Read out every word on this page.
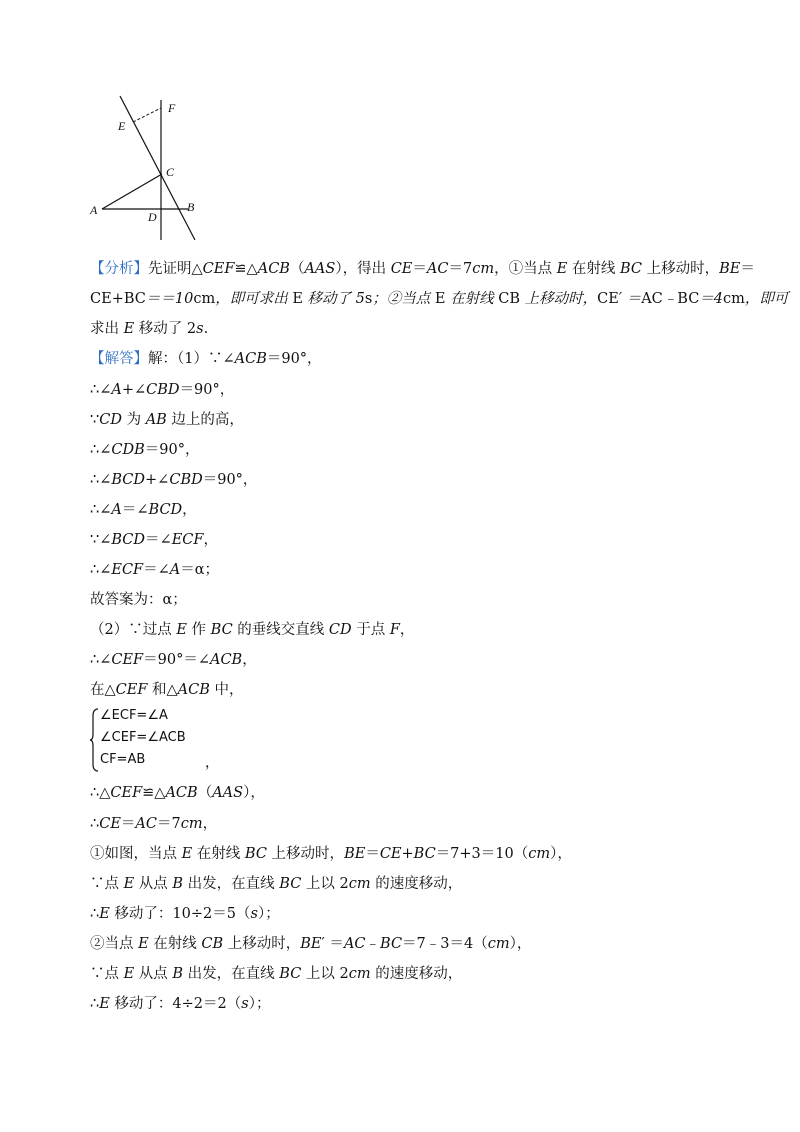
E
F
C
A	D
B
【分析】先证明△CEF≌△ACB（AAS），得出 CE＝AC＝7cm，①当点 E 在射线 BC 上移动时，BE＝
CE+BC＝＝10cm，即可求出 E 移动了 5s；②当点 E 在射线 CB 上移动时，CE′ ＝AC﹣BC＝4cm，即可
求出 E 移动了 2s.
【解答】解：（1）∵∠ACB＝90°，
∴∠A+∠CBD＝90°，
∵CD 为 AB 边上的高，
∴∠CDB＝90°，
∴∠BCD+∠CBD＝90°，
∴∠A＝∠BCD，
∵∠BCD＝∠ECF，
∴∠ECF＝∠A＝α；
故答案为：α；
（2）∵过点 E 作 BC 的垂线交直线 CD 于点 F，
∴∠CEF＝90°＝∠ACB，
在△CEF 和△ACB 中，
∠ECF=∠A
∠CEF=∠ACB
CF=AB	，
∴△CEF≌△ACB（AAS），
∴CE＝AC＝7cm，
①如图，当点 E 在射线 BC 上移动时，BE＝CE+BC＝7+3＝10（cm），
∵点 E 从点 B 出发，在直线 BC 上以 2cm 的速度移动，
∴E 移动了：10÷2＝5（s）；
②当点 E 在射线 CB 上移动时，BE′ ＝AC﹣BC＝7﹣3＝4（cm），
∵点 E 从点 B 出发，在直线 BC 上以 2cm 的速度移动，
∴E 移动了：4÷2＝2（s）；
